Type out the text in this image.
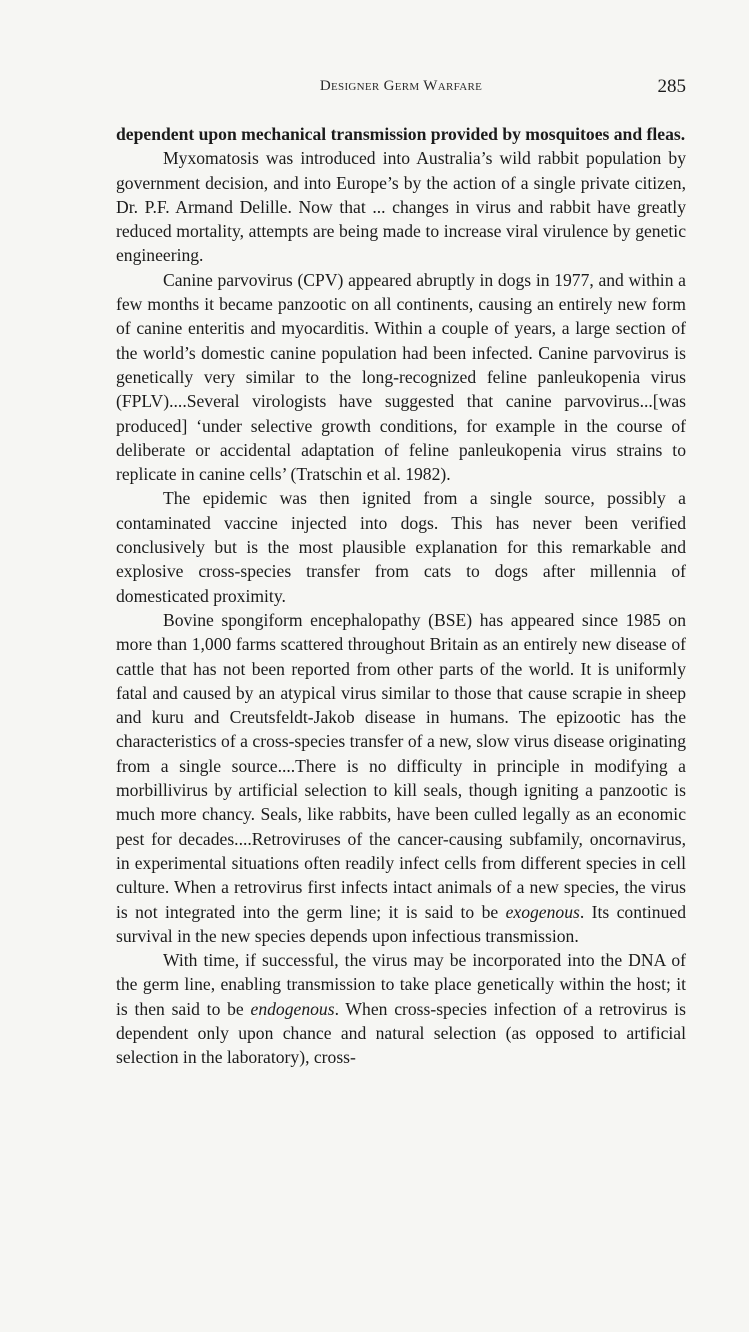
Designer Germ Warfare	285

dependent upon mechanical transmission provided by mosquitoes and fleas.

Myxomatosis was introduced into Australia’s wild rabbit population by government decision, and into Europe’s by the action of a single private citizen, Dr. P.F. Armand Delille. Now that ... changes in virus and rabbit have greatly reduced mortality, attempts are being made to increase viral virulence by genetic engineering.

Canine parvovirus (CPV) appeared abruptly in dogs in 1977, and within a few months it became panzootic on all continents, causing an entirely new form of canine enteritis and myocarditis. Within a couple of years, a large section of the world’s domestic canine population had been infected. Canine parvovirus is genetically very similar to the long-recognized feline panleukopenia virus (FPLV)....Several virologists have suggested that canine parvovirus...[was produced] ‘under selective growth conditions, for example in the course of deliberate or accidental adaptation of feline panleukopenia virus strains to replicate in canine cells’ (Tratschin et al. 1982).

The epidemic was then ignited from a single source, possibly a contaminated vaccine injected into dogs. This has never been verified conclusively but is the most plausible explanation for this remarkable and explosive cross-species transfer from cats to dogs after millennia of domesticated proximity.

Bovine spongiform encephalopathy (BSE) has appeared since 1985 on more than 1,000 farms scattered throughout Britain as an entirely new disease of cattle that has not been reported from other parts of the world. It is uniformly fatal and caused by an atypical virus similar to those that cause scrapie in sheep and kuru and Creutsfeldt-Jakob disease in humans. The epizootic has the characteristics of a cross-species transfer of a new, slow virus disease originating from a single source....There is no difficulty in principle in modifying a morbillivirus by artificial selection to kill seals, though igniting a panzootic is much more chancy. Seals, like rabbits, have been culled legally as an economic pest for decades....Retroviruses of the cancer-causing subfamily, oncornavirus, in experimental situations often readily infect cells from different species in cell culture. When a retrovirus first infects intact animals of a new species, the virus is not integrated into the germ line; it is said to be exogenous. Its continued survival in the new species depends upon infectious transmission.

With time, if successful, the virus may be incorporated into the DNA of the germ line, enabling transmission to take place genetically within the host; it is then said to be endogenous. When cross-species infection of a retrovirus is dependent only upon chance and natural selection (as opposed to artificial selection in the laboratory), cross-
